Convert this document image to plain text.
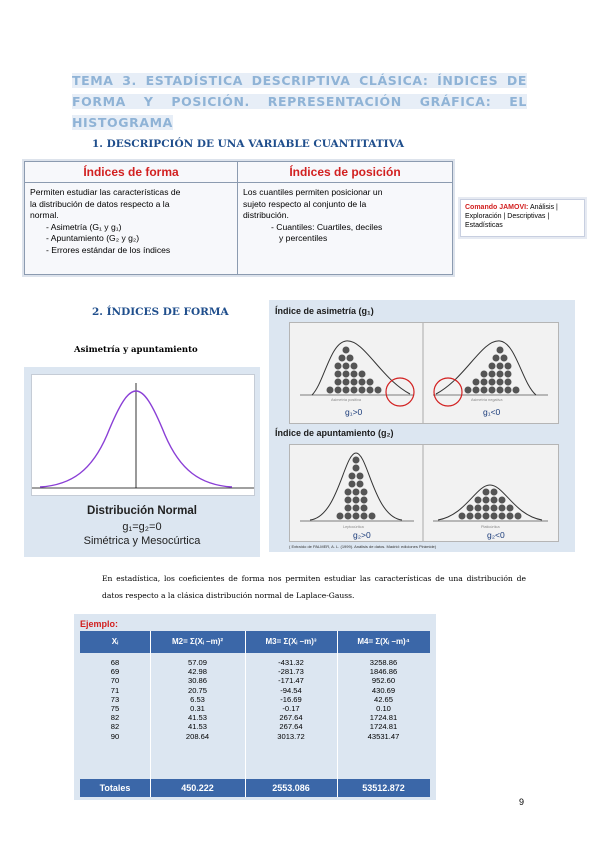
TEMA 3. ESTADÍSTICA DESCRIPTIVA CLÁSICA: ÍNDICES DE FORMA Y POSICIÓN. REPRESENTACIÓN GRÁFICA: EL HISTOGRAMA
1. DESCRIPCIÓN DE UNA VARIABLE CUANTITATIVA
Índices de forma
Permiten estudiar las características de
la distribución de datos respecto a la
normal.
- Asimetría (G₁ y g₁)
- Apuntamiento (G₂ y g₂)
- Errores estándar de los índices
Índices de posición
Los cuantiles permiten posicionar un
sujeto respecto al conjunto de la
distribución.
- Cuantiles: Cuartiles, deciles
y percentiles
Comando JAMOVI: Análisis | Exploración | Descriptivas | Estadísticas
2. ÍNDICES DE FORMA
Asimetría y apuntamiento
Distribución Normal
g₁=g₂=0
Simétrica y Mesocúrtica
Índice de asimetría (g₁)
Asimetría positiva	Asimetría negativa
g₁>0	g₁<0
Índice de apuntamiento (g₂)
Leptocúrtica	Platicúrtica
g₂>0	g₂<0
( Extraído de PALMER, A. L. (1999). Análisis de datos. Madrid: ediciones Pirámide)
En estadística, los coeficientes de forma nos permiten estudiar las características de una distribución de datos respecto a la clásica distribución normal de Laplace-Gauss.
Ejemplo:
Xᵢ	M2= Σ(Xᵢ –m)²	M3= Σ(Xᵢ –m)³	M4= Σ(Xᵢ –m)⁴
68	57.09	-431.32	3258.86
69	42.98	-281.73	1846.86
70	30.86	-171.47	952.60
71	20.75	-94.54	430.69
73	6.53	-16.69	42.65
75	0.31	-0.17	0.10
82	41.53	267.64	1724.81
82	41.53	267.64	1724.81
90	208.64	3013.72	43531.47
Totales	450.222	2553.086	53512.872
9
